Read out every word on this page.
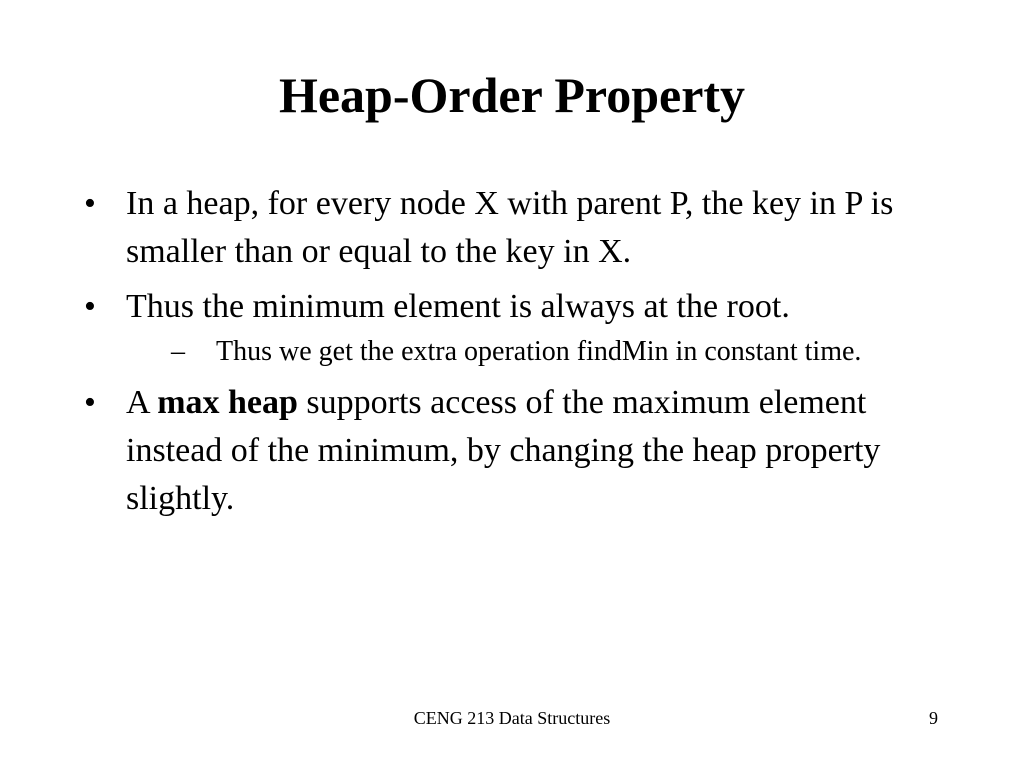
Heap-Order Property
• In a heap, for every node X with parent P, the key in P is smaller than or equal to the key in X.
• Thus the minimum element is always at the root.
– Thus we get the extra operation findMin in constant time.
• A max heap supports access of the maximum element instead of the minimum, by changing the heap property slightly.
CENG 213 Data Structures	9
